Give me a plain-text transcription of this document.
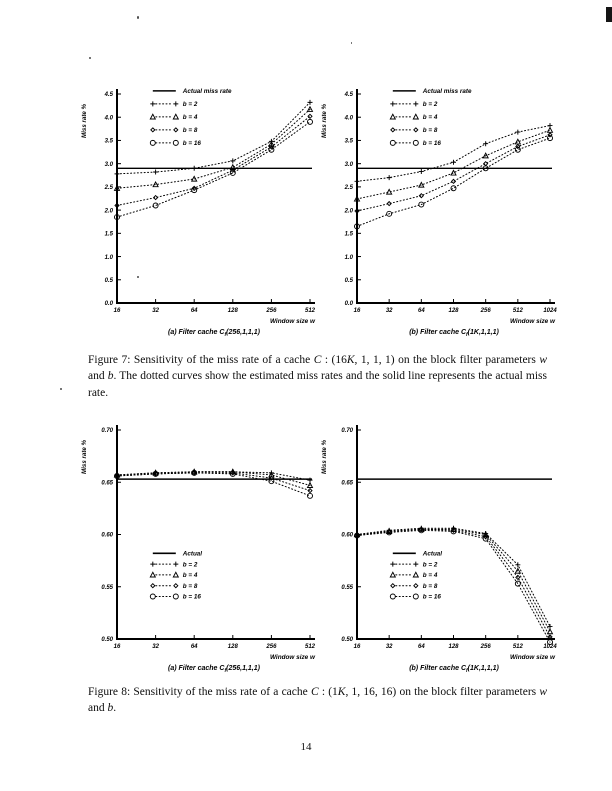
0.0
0.5
1.0
1.5
2.0
2.5
3.0
3.5
4.0
4.5
16	32	64	128	256	512
Miss rate %
Window size w
Actual miss rate
b = 2
b = 4
b = 8
b = 16
(a) Filter cache $C_f(256,1,1,1)$
0.0
0.5
1.0
1.5
2.0
2.5
3.0
3.5
4.0
4.5
16	32	64	128	256	512	1024
Miss rate %
Window size w
Actual miss rate
b = 2
b = 4
b = 8
b = 16
(b) Filter cache $C_f(1K,1,1,1)$

Figure 7: Sensitivity of the miss rate of a cache C : (16K, 1, 1, 1) on the block filter parameters w and b. The dotted curves show the estimated miss rates and the solid line represents the actual miss rate.

0.50
0.55
0.60
0.65
0.70
16	32	64	128	256	512
Miss rate %
Window size w
Actual
b = 2
b = 4
b = 8
b = 16
(a) Filter cache $C_f(256,1,1,1)$
0.50
0.55
0.60
0.65
0.70
16	32	64	128	256	512	1024
Miss rate %
Window size w
Actual
b = 2
b = 4
b = 8
b = 16
(b) Filter cache $C_f(1K,1,1,1)$

Figure 8: Sensitivity of the miss rate of a cache C : (1K, 1, 16, 16) on the block filter parameters w and b.

14
